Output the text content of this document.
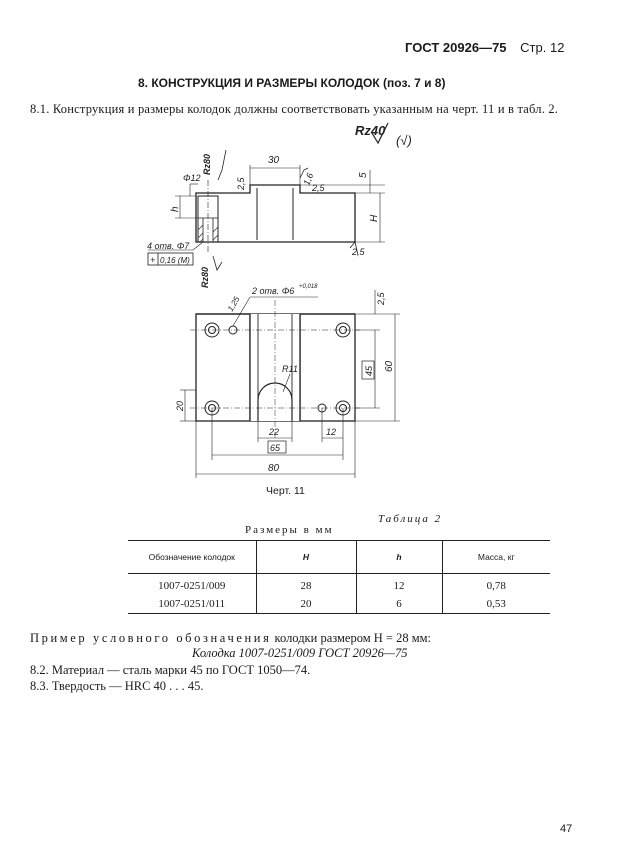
ГОСТ 20926—75 Стр. 12
8. КОНСТРУКЦИЯ И РАЗМЕРЫ КОЛОДОК (поз. 7 и 8)
8.1. Конструкция и размеры колодок должны соответствовать указанным на черт. 11 и в табл. 2.
Rz40
(√)
30
2,5	1,6
2,5
5
H
h
2,5
Φ12
Rz80
Rz80
4 отв. Φ7
+ 0,16 (M)
2 отв. Φ6 +0,018
1,25	2,5
R11
20
22
65
12
80
45 60
Черт. 11
Таблица 2
Размеры в мм
Обозначение колодок	H	h	Масса, кг
1007-0251/009	28	12	0,78
1007-0251/011	20	6	0,53
Пример условного обозначения колодки размером H = 28 мм:
Колодка 1007-0251/009 ГОСТ 20926—75
8.2. Материал — сталь марки 45 по ГОСТ 1050—74.
8.3. Твердость — HRC 40 . . . 45.
47
